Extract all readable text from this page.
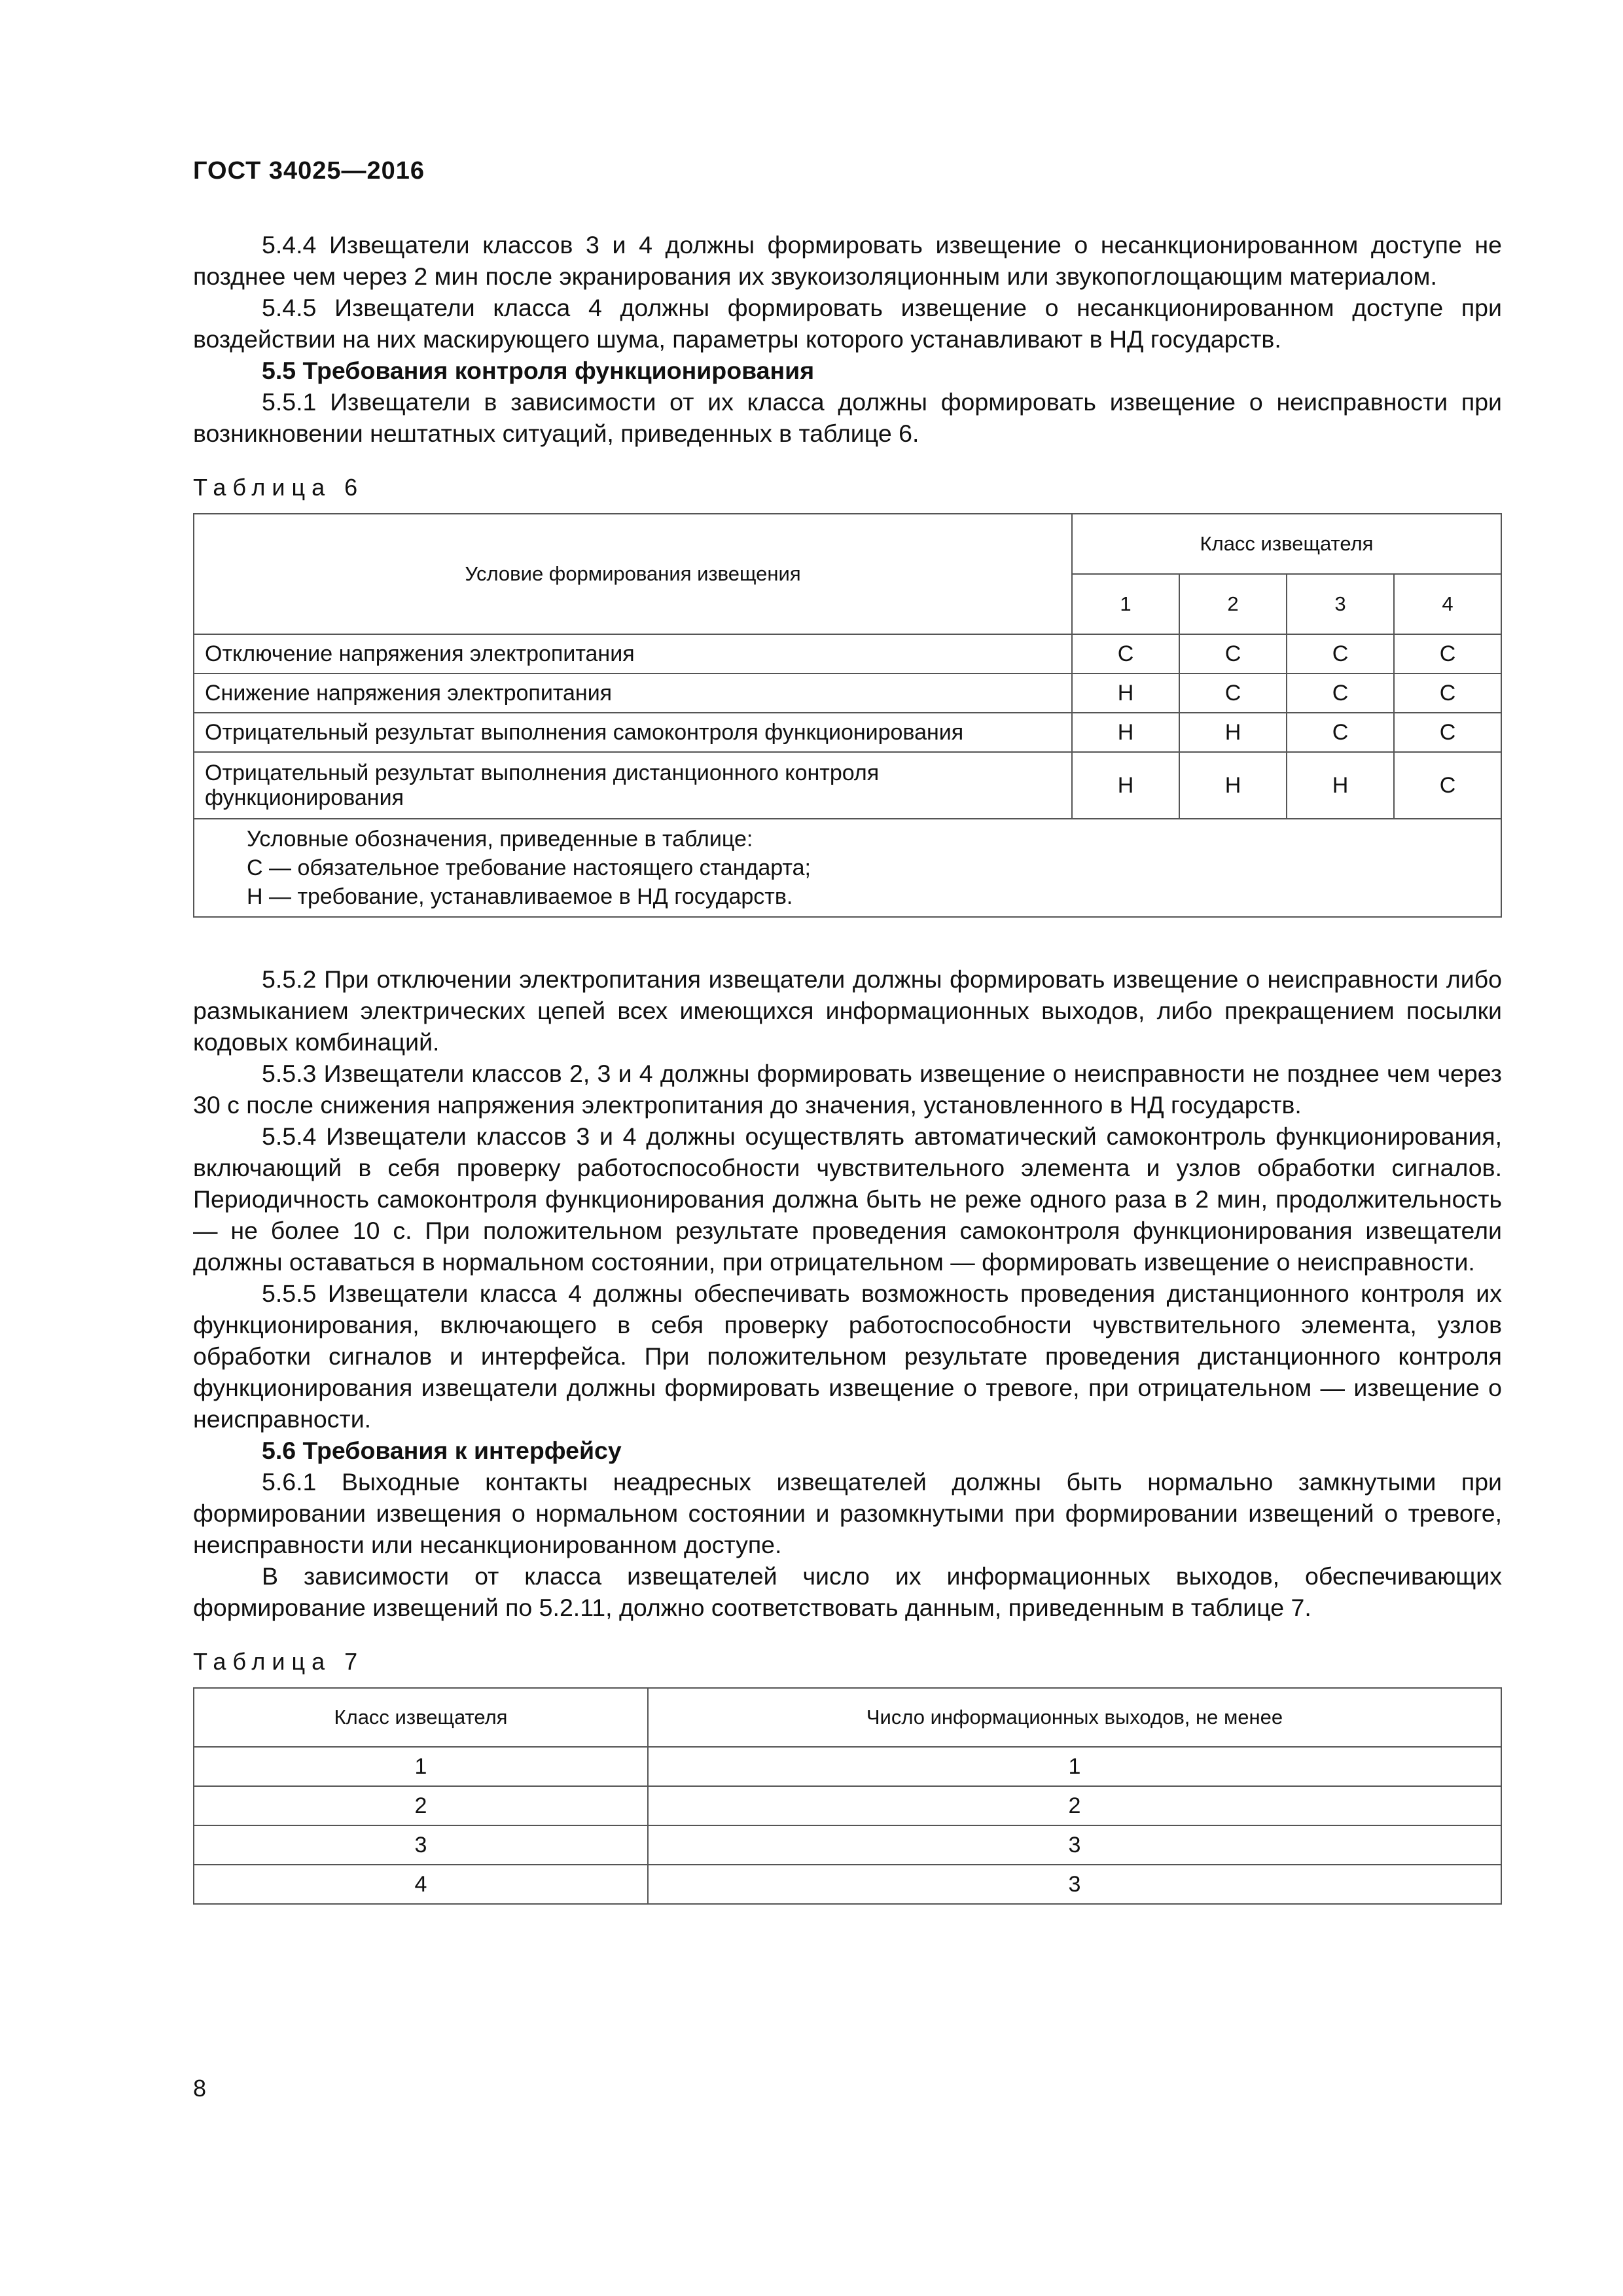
ГОСТ 34025—2016

5.4.4 Извещатели классов 3 и 4 должны формировать извещение о несанкционированном доступе не позднее чем через 2 мин после экранирования их звукоизоляционным или звукопоглощающим материалом.

5.4.5 Извещатели класса 4 должны формировать извещение о несанкционированном доступе при воздействии на них маскирующего шума, параметры которого устанавливают в НД государств.

5.5 Требования контроля функционирования

5.5.1 Извещатели в зависимости от их класса должны формировать извещение о неисправности при возникновении нештатных ситуаций, приведенных в таблице 6.

Таблица 6
Условие формирования извещения	Класс извещателя			
	1	2	3	4
Отключение напряжения электропитания	С	С	С	С
Снижение напряжения электропитания	Н	С	С	С
Отрицательный результат выполнения самоконтроля функционирования	Н	Н	С	С
Отрицательный результат выполнения дистанционного контроля функционирования	Н	Н	Н	С

Условные обозначения, приведенные в таблице:
С — обязательное требование настоящего стандарта;
Н — требование, устанавливаемое в НД государств.				

5.5.2 При отключении электропитания извещатели должны формировать извещение о неисправности либо размыканием электрических цепей всех имеющихся информационных выходов, либо прекращением посылки кодовых комбинаций.

5.5.3 Извещатели классов 2, 3 и 4 должны формировать извещение о неисправности не позднее чем через 30 с после снижения напряжения электропитания до значения, установленного в НД государств.

5.5.4 Извещатели классов 3 и 4 должны осуществлять автоматический самоконтроль функционирования, включающий в себя проверку работоспособности чувствительного элемента и узлов обработки сигналов. Периодичность самоконтроля функционирования должна быть не реже одного раза в 2 мин, продолжительность — не более 10 с. При положительном результате проведения самоконтроля функционирования извещатели должны оставаться в нормальном состоянии, при отрицательном — формировать извещение о неисправности.

5.5.5 Извещатели класса 4 должны обеспечивать возможность проведения дистанционного контроля их функционирования, включающего в себя проверку работоспособности чувствительного элемента, узлов обработки сигналов и интерфейса. При положительном результате проведения дистанционного контроля функционирования извещатели должны формировать извещение о тревоге, при отрицательном — извещение о неисправности.

5.6 Требования к интерфейсу

5.6.1 Выходные контакты неадресных извещателей должны быть нормально замкнутыми при формировании извещения о нормальном состоянии и разомкнутыми при формировании извещений о тревоге, неисправности или несанкционированном доступе.

В зависимости от класса извещателей число их информационных выходов, обеспечивающих формирование извещений по 5.2.11, должно соответствовать данным, приведенным в таблице 7.

Таблица 7
Класс извещателя	Число информационных выходов, не менее
1	1
2	2
3	3
4	3
8
